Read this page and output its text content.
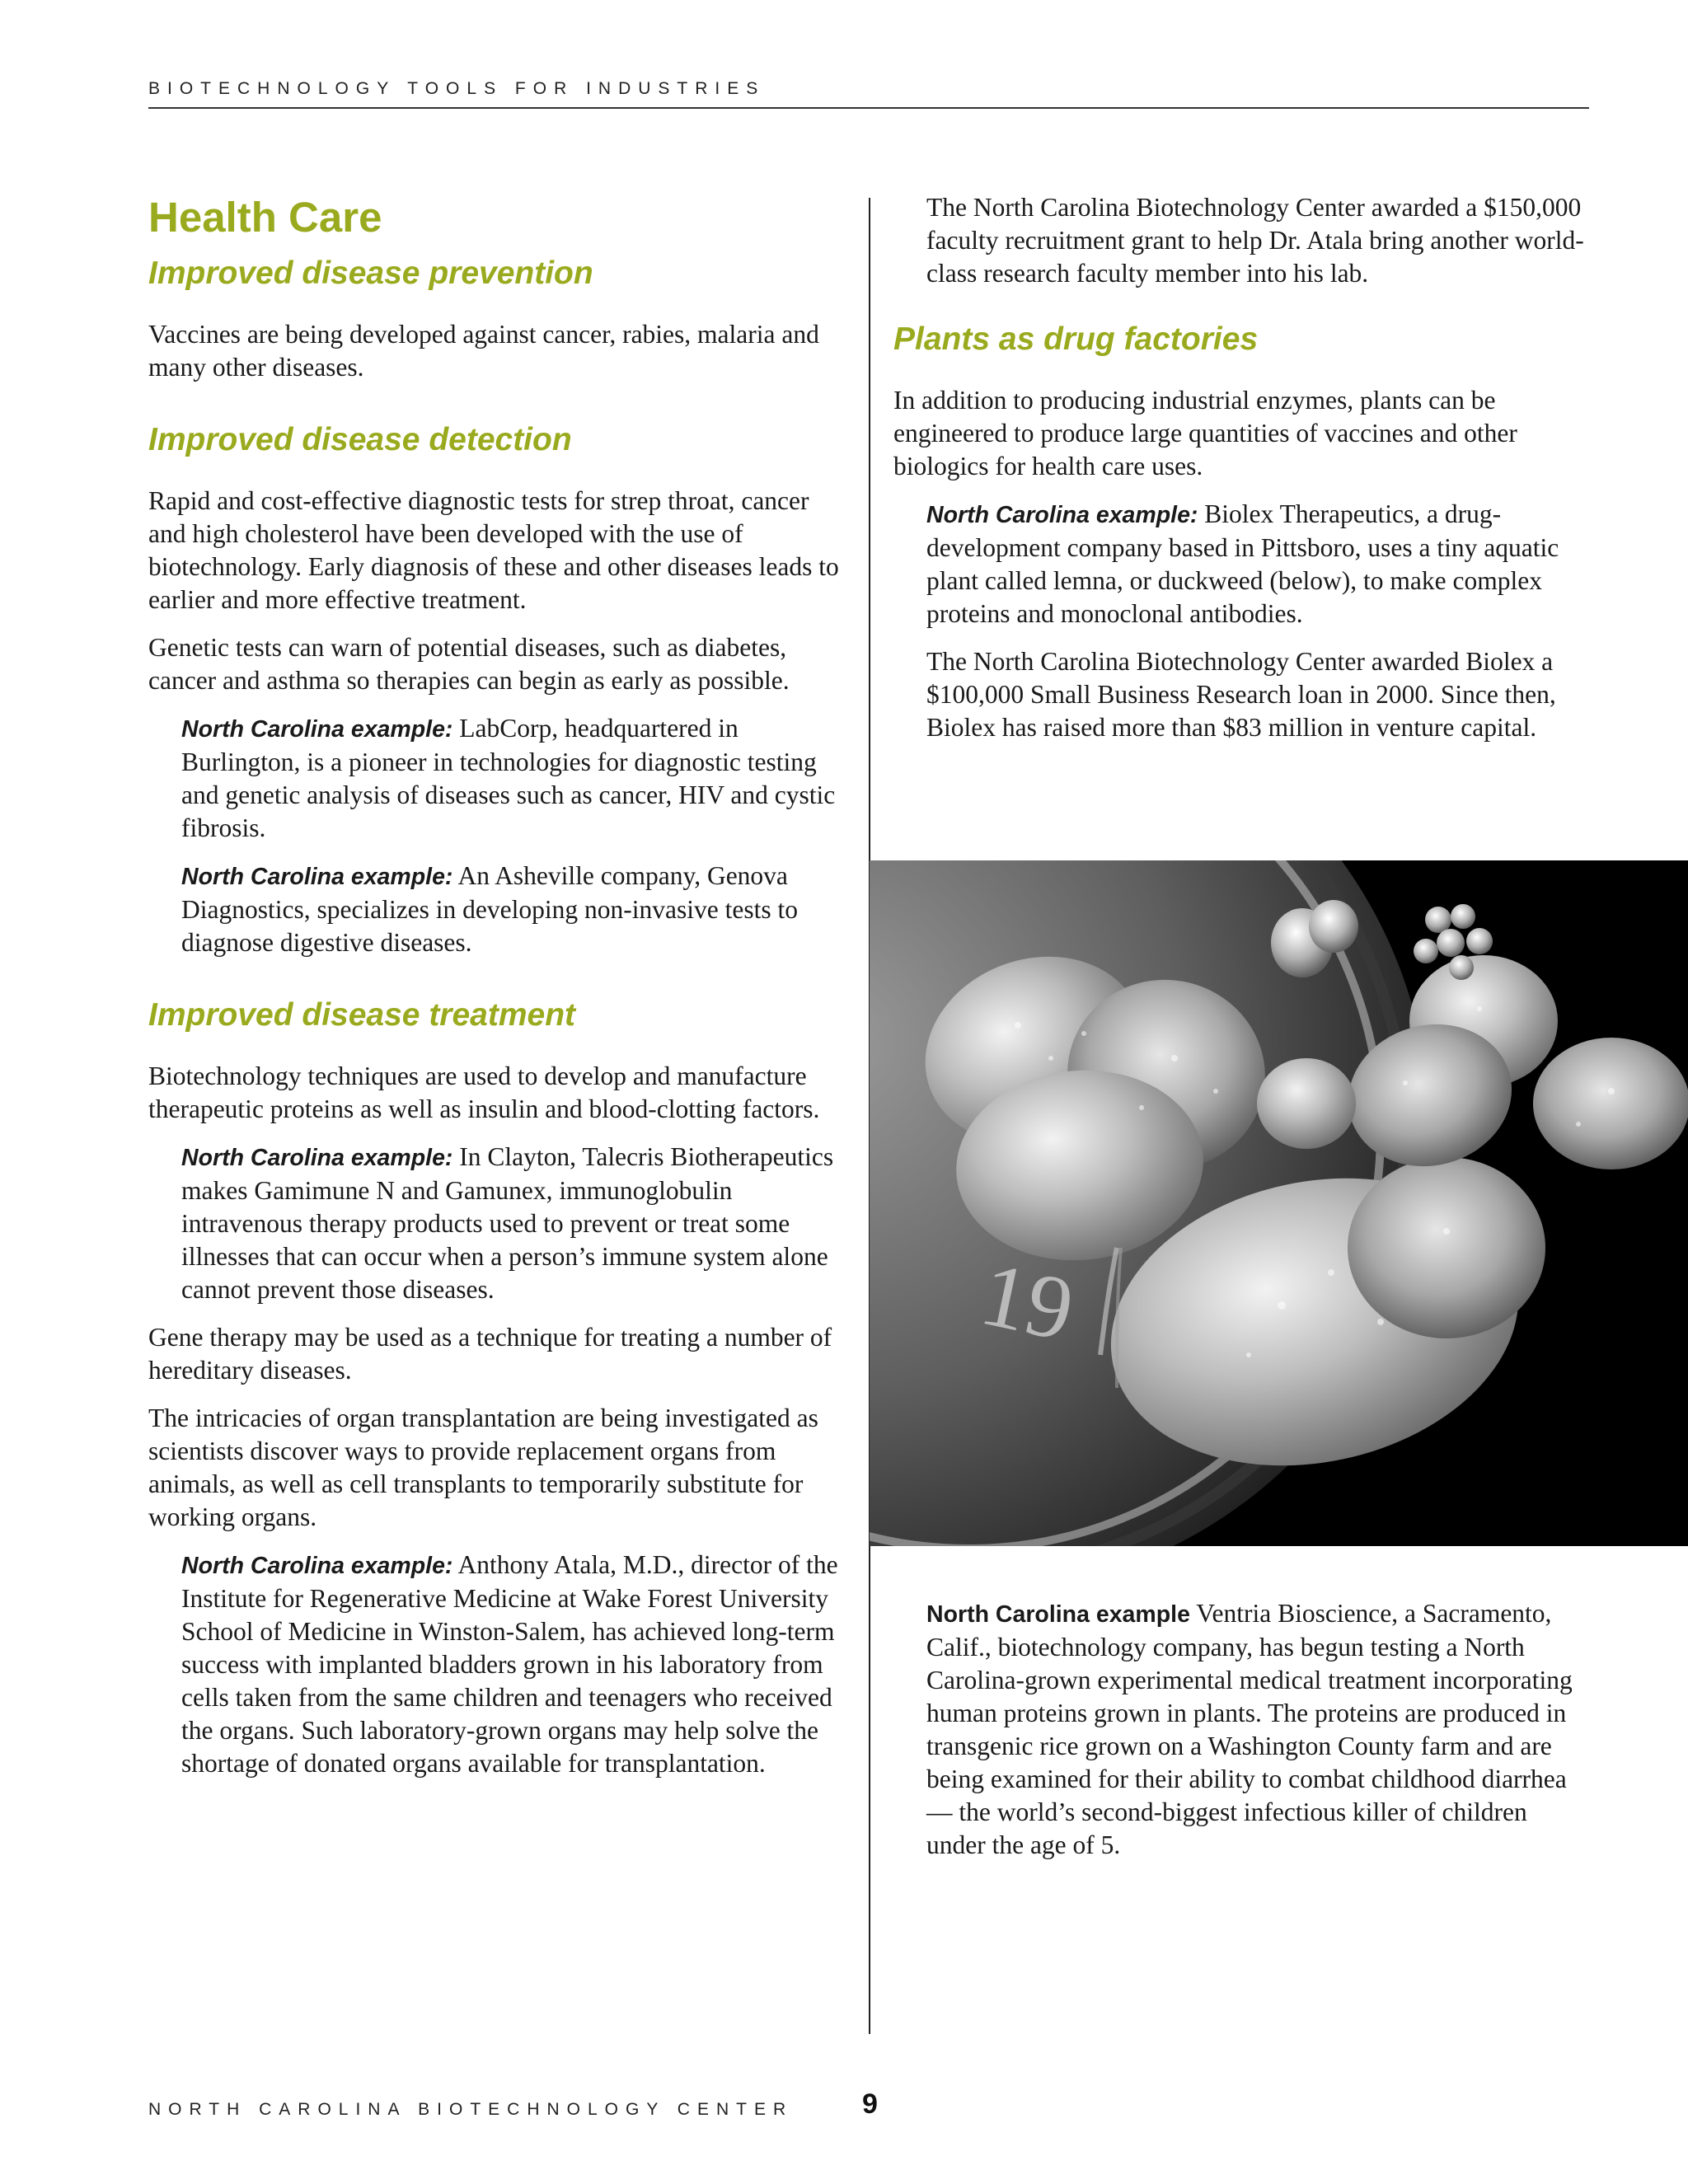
BIOTECHNOLOGY TOOLS FOR INDUSTRIES
Health Care
Improved disease prevention

Vaccines are being developed against cancer, rabies, malaria and many other diseases.

Improved disease detection

Rapid and cost-effective diagnostic tests for strep throat, cancer and high cholesterol have been developed with the use of biotechnology. Early diagnosis of these and other diseases leads to earlier and more effective treatment.

Genetic tests can warn of potential diseases, such as diabetes, cancer and asthma so therapies can begin as early as possible.

North Carolina example: LabCorp, headquartered in Burlington, is a pioneer in technologies for diagnostic testing and genetic analysis of diseases such as cancer, HIV and cystic fibrosis.

North Carolina example: An Asheville company, Genova Diagnostics, specializes in developing non-invasive tests to diagnose digestive diseases.

Improved disease treatment

Biotechnology techniques are used to develop and manufacture therapeutic proteins as well as insulin and blood-clotting factors.

North Carolina example: In Clayton, Talecris Biotherapeutics makes Gamimune N and Gamunex, immunoglobulin intravenous therapy products used to prevent or treat some illnesses that can occur when a person’s immune system alone cannot prevent those diseases.

Gene therapy may be used as a technique for treating a number of hereditary diseases.

The intricacies of organ transplantation are being investigated as scientists discover ways to provide replacement organs from animals, as well as cell transplants to temporarily substitute for working organs.

North Carolina example: Anthony Atala, M.D., director of the Institute for Regenerative Medicine at Wake Forest University School of Medicine in Winston-Salem, has achieved long-term success with implanted bladders grown in his laboratory from cells taken from the same children and teenagers who received the organs. Such laboratory-grown organs may help solve the shortage of donated organs available for transplantation.

The North Carolina Biotechnology Center awarded a $150,000 faculty recruitment grant to help Dr. Atala bring another world-class research faculty member into his lab.

Plants as drug factories

In addition to producing industrial enzymes, plants can be engineered to produce large quantities of vaccines and other biologics for health care uses.

North Carolina example: Biolex Therapeutics, a drug-development company based in Pittsboro, uses a tiny aquatic plant called lemna, or duckweed (below), to make complex proteins and monoclonal antibodies.

The North Carolina Biotechnology Center awarded Biolex a $100,000 Small Business Research loan in 2000. Since then, Biolex has raised more than $83 million in venture capital.

19

North Carolina example Ventria Bioscience, a Sacramento, Calif., biotechnology company, has begun testing a North Carolina-grown experimental medical treatment incorporating human proteins grown in plants. The proteins are produced in transgenic rice grown on a Washington County farm and are being examined for their ability to combat childhood diarrhea — the world’s second-biggest infectious killer of children under the age of 5.

NORTH CAROLINA BIOTECHNOLOGY CENTER 9
